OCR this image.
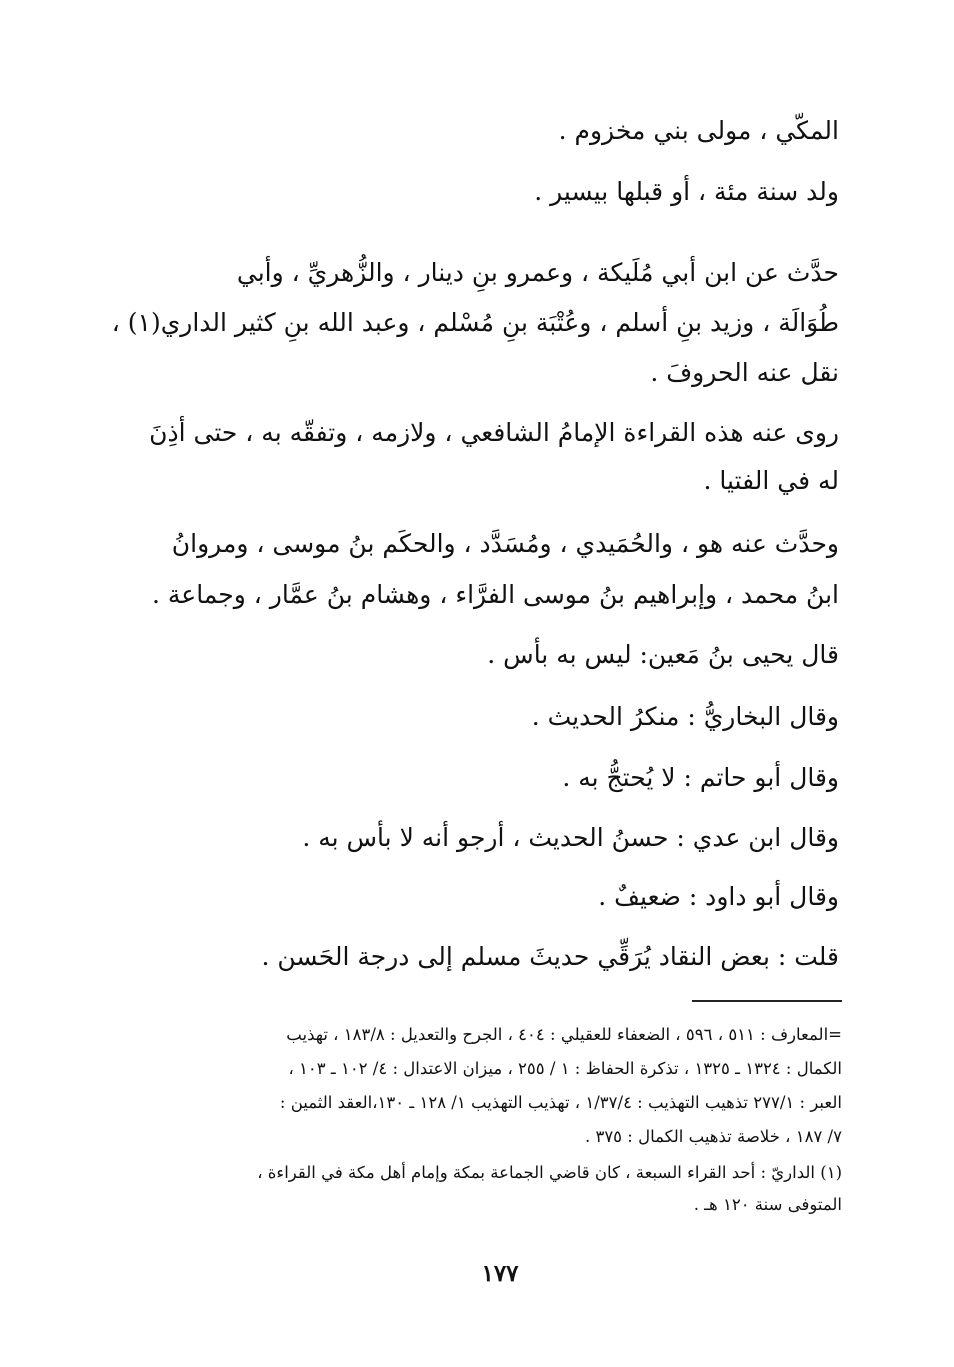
المكّي ، مولى بني مخزوم .
ولد سنة مئة ، أو قبلها بيسير .
حدَّث عن ابن أبي مُلَيكة ، وعمرو بنِ دينار ، والزُّهريِّ ، وأبي
طُوَالَة ، وزيد بنِ أسلم ، وعُتْبَة بنِ مُسْلم ، وعبد الله بنِ كثير الداري(١) ،
نقل عنه الحروفَ .
روى عنه هذه القراءة الإمامُ الشافعي ، ولازمه ، وتفقّه به ، حتى أذِنَ
له في الفتيا .
وحدَّث عنه هو ، والحُمَيدي ، ومُسَدَّد ، والحكَم بنُ موسى ، ومروانُ
ابنُ محمد ، وإبراهيم بنُ موسى الفرَّاء ، وهشام بنُ عمَّار ، وجماعة .
قال يحيى بنُ مَعين: ليس به بأس .
وقال البخاريُّ : منكرُ الحديث .
وقال أبو حاتم : لا يُحتجُّ به .
وقال ابن عدي : حسنُ الحديث ، أرجو أنه لا بأس به .
وقال أبو داود : ضعيفٌ .
قلت : بعض النقاد يُرَقِّي حديثَ مسلم إلى درجة الحَسن .
=المعارف : ٥١١ ، ٥٩٦ ، الضعفاء للعقيلي : ٤٠٤ ، الجرح والتعديل : ١٨٣/٨ ، تهذيب
الكمال : ١٣٢٤ ـ ١٣٢٥ ، تذكرة الحفاظ : ١ / ٢٥٥ ، ميزان الاعتدال : ٤/ ١٠٢ ـ ١٠٣ ،
العبر : ٢٧٧/١ تذهيب التهذيب : ١/٣٧/٤ ، تهذيب التهذيب ١/ ١٢٨ ـ ١٣٠،العقد الثمين :
٧/ ١٨٧ ، خلاصة تذهيب الكمال : ٣٧٥ .
(١) الداريّ : أحد القراء السبعة ، كان قاضي الجماعة بمكة وإمام أهل مكة في القراءة ،
المتوفى سنة ١٢٠ هـ .
١٧٧
